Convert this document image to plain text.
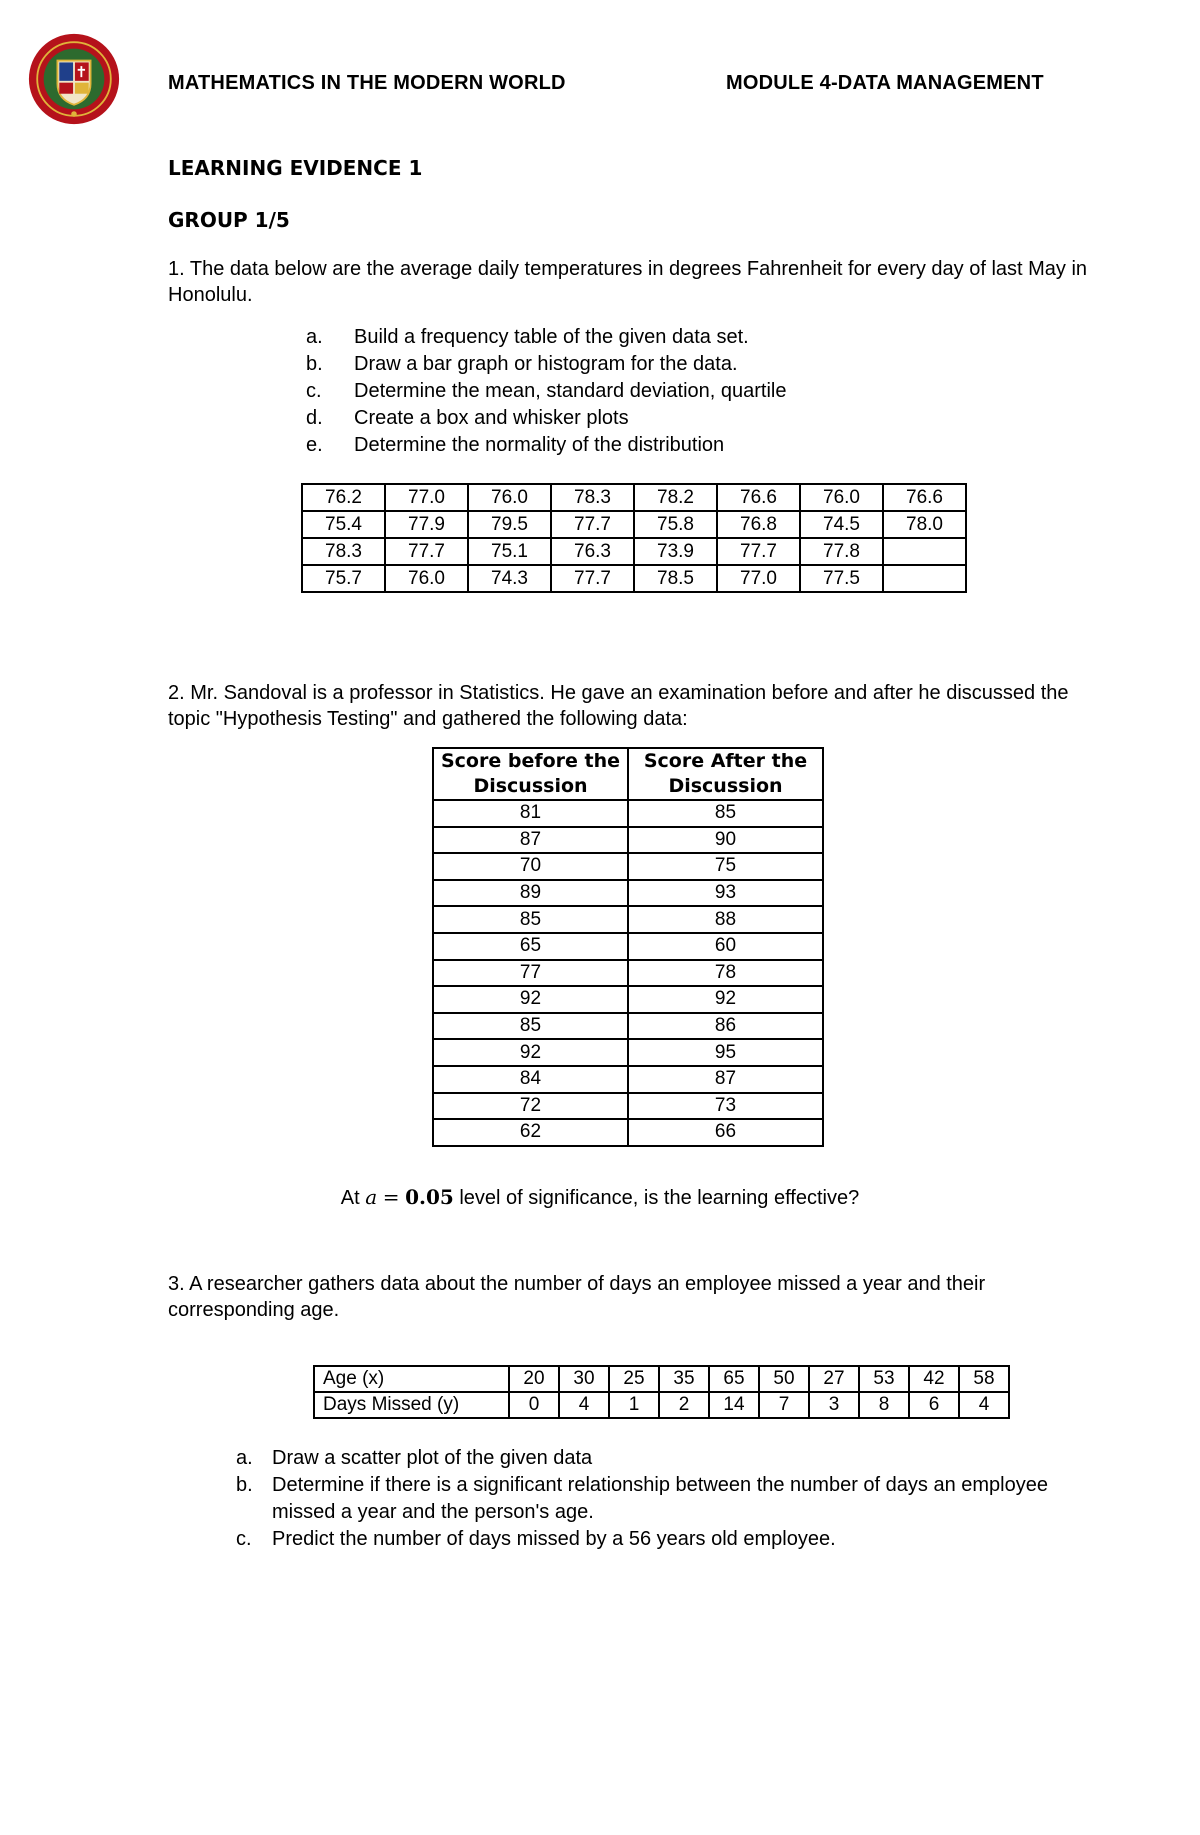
MATHEMATICS IN THE MODERN WORLD	MODULE 4-DATA MANAGEMENT
LEARNING EVIDENCE 1
GROUP 1/5
1. The data below are the average daily temperatures in degrees Fahrenheit for every day of last May in Honolulu.
a.	Build a frequency table of the given data set.
b.	Draw a bar graph or histogram for the data.
c.	Determine the mean, standard deviation, quartile
d.	Create a box and whisker plots
e.	Determine the normality of the distribution
76.2	77.0	76.0	78.3	78.2	76.6	76.0	76.6
75.4	77.9	79.5	77.7	75.8	76.8	74.5	78.0
78.3	77.7	75.1	76.3	73.9	77.7	77.8	
75.7	76.0	74.3	77.7	78.5	77.0	77.5	
2. Mr. Sandoval is a professor in Statistics. He gave an examination before and after he discussed the topic "Hypothesis Testing" and gathered the following data:
Score before the Discussion	Score After the Discussion
81	85
87	90
70	75
89	93
85	88
65	60
77	78
92	92
85	86
92	95
84	87
72	73
62	66
At a = 0.05 level of significance, is the learning effective?
3. A researcher gathers data about the number of days an employee missed a year and their corresponding age.
Age (x)	20	30	25	35	65	50	27	53	42	58
Days Missed (y)	0	4	1	2	14	7	3	8	6	4
a. Draw a scatter plot of the given data
b. Determine if there is a significant relationship between the number of days an employee missed a year and the person's age.
c.	Predict the number of days missed by a 56 years old employee.
